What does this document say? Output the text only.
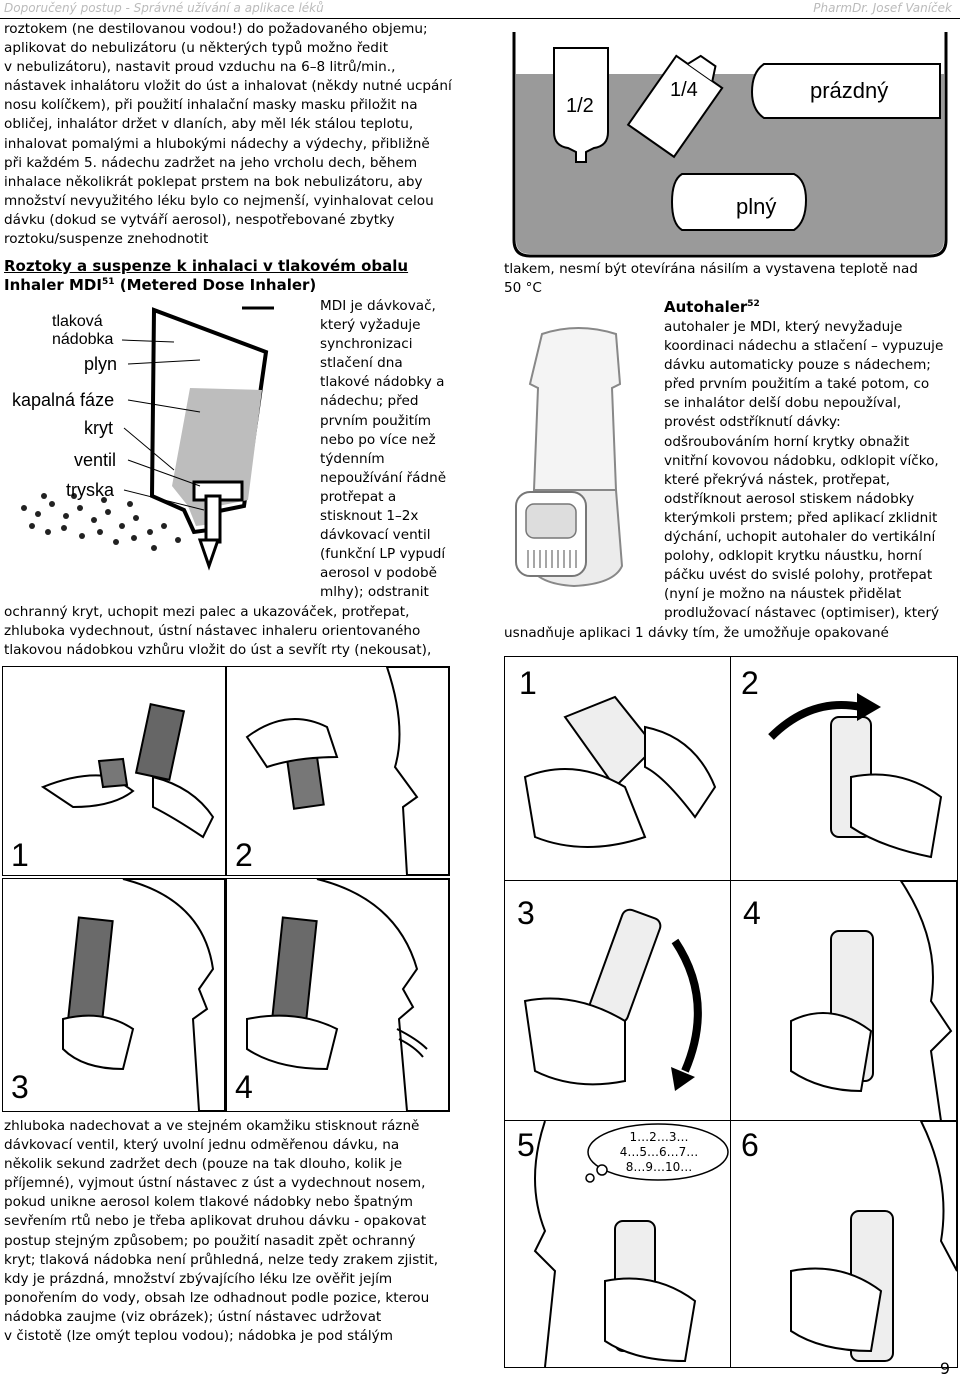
Doporučený postup - Správné užívání a aplikace léků	PharmDr. Josef Vaníček
roztokem (ne destilovanou vodou!) do požadovaného objemu;
aplikovat do nebulizátoru (u některých typů možno ředit
v nebulizátoru), nastavit proud vzduchu na 6–8 litrů/min.,
nástavek inhalátoru vložit do úst a inhalovat (někdy nutné ucpání
nosu kolíčkem), při použití inhalační masky masku přiložit na
obličej, inhalátor držet v dlaních, aby měl lék stálou teplotu,
inhalovat pomalými a hlubokými nádechy a výdechy, přibližně
při každém 5. nádechu zadržet na jeho vrcholu dech, během
inhalace několikrát poklepat prstem na bok nebulizátoru, aby
množství nevyužitého léku bylo co nejmenší, vyinhalovat celou
dávku (dokud se vytváří aerosol), nespotřebované zbytky
roztoku/suspenze znehodnotit
Roztoky a suspenze k inhalaci v tlakovém obalu
Inhaler MDI$^{51}$ (Metered Dose Inhaler)
tlaková
nádobka
plyn
kapalná fáze
kryt
ventil
tryska
MDI je dávkovač,
který vyžaduje
synchronizaci
stlačení dna
tlakové nádobky a
nádechu; před
prvním použitím
nebo po více než
týdenním
nepoužívání řádně
protřepat a
stisknout 1–2x
dávkovací ventil
(funkční LP vypudí
aerosol v podobě
mlhy); odstranit
ochranný kryt, uchopit mezi palec a ukazováček, protřepat,
zhluboka vydechnout, ústní nástavec inhaleru orientovaného
tlakovou nádobkou vzhůru vložit do úst a sevřít rty (nekousat),
1/2
1/4	prázdný
plný
tlakem, nesmí být otevírána násilím a vystavena teplotě nad
50 °C
Autohaler$^{52}$
autohaler je MDI, který nevyžaduje
koordinaci nádechu a stlačení – vypuzuje
dávku automaticky pouze s nádechem;
před prvním použitím a také potom, co
se inhalátor delší dobu nepoužíval,
provést odstříknutí dávky:
odšroubováním horní krytky obnažit
vnitřní kovovou nádobku, odklopit víčko,
které překrývá nástek, protřepat,
odstříknout aerosol stiskem nádobky
kterýmkoli prstem; před aplikací zklidnit
dýchání, uchopit autohaler do vertikální
polohy, odklopit krytku náustku, horní
páčku uvést do svislé polohy, protřepat
(nyní je možno na náustek přidělat
prodlužovací nástavec (optimiser), který
usnadňuje aplikaci 1 dávky tím, že umožňuje opakované
1	2
3	4
1	2
3	4
5	6
1…2…3…
4…5…6…7…
8…9…10…
zhluboka nadechovat a ve stejném okamžiku stisknout rázně
dávkovací ventil, který uvolní jednu odměřenou dávku, na
několik sekund zadržet dech (pouze na tak dlouho, kolik je
příjemné), vyjmout ústní nástavec z úst a vydechnout nosem,
pokud unikne aerosol kolem tlakové nádobky nebo špatným
sevřením rtů nebo je třeba aplikovat druhou dávku - opakovat
postup stejným způsobem; po použití nasadit zpět ochranný
kryt; tlaková nádobka není průhledná, nelze tedy zrakem zjistit,
kdy je prázdná, množství zbývajícího léku lze ověřit jejím
ponořením do vody, obsah lze odhadnout podle pozice, kterou
nádobka zaujme (viz obrázek); ústní nástavec udržovat
v čistotě (lze omýt teplou vodou); nádobka je pod stálým
9
